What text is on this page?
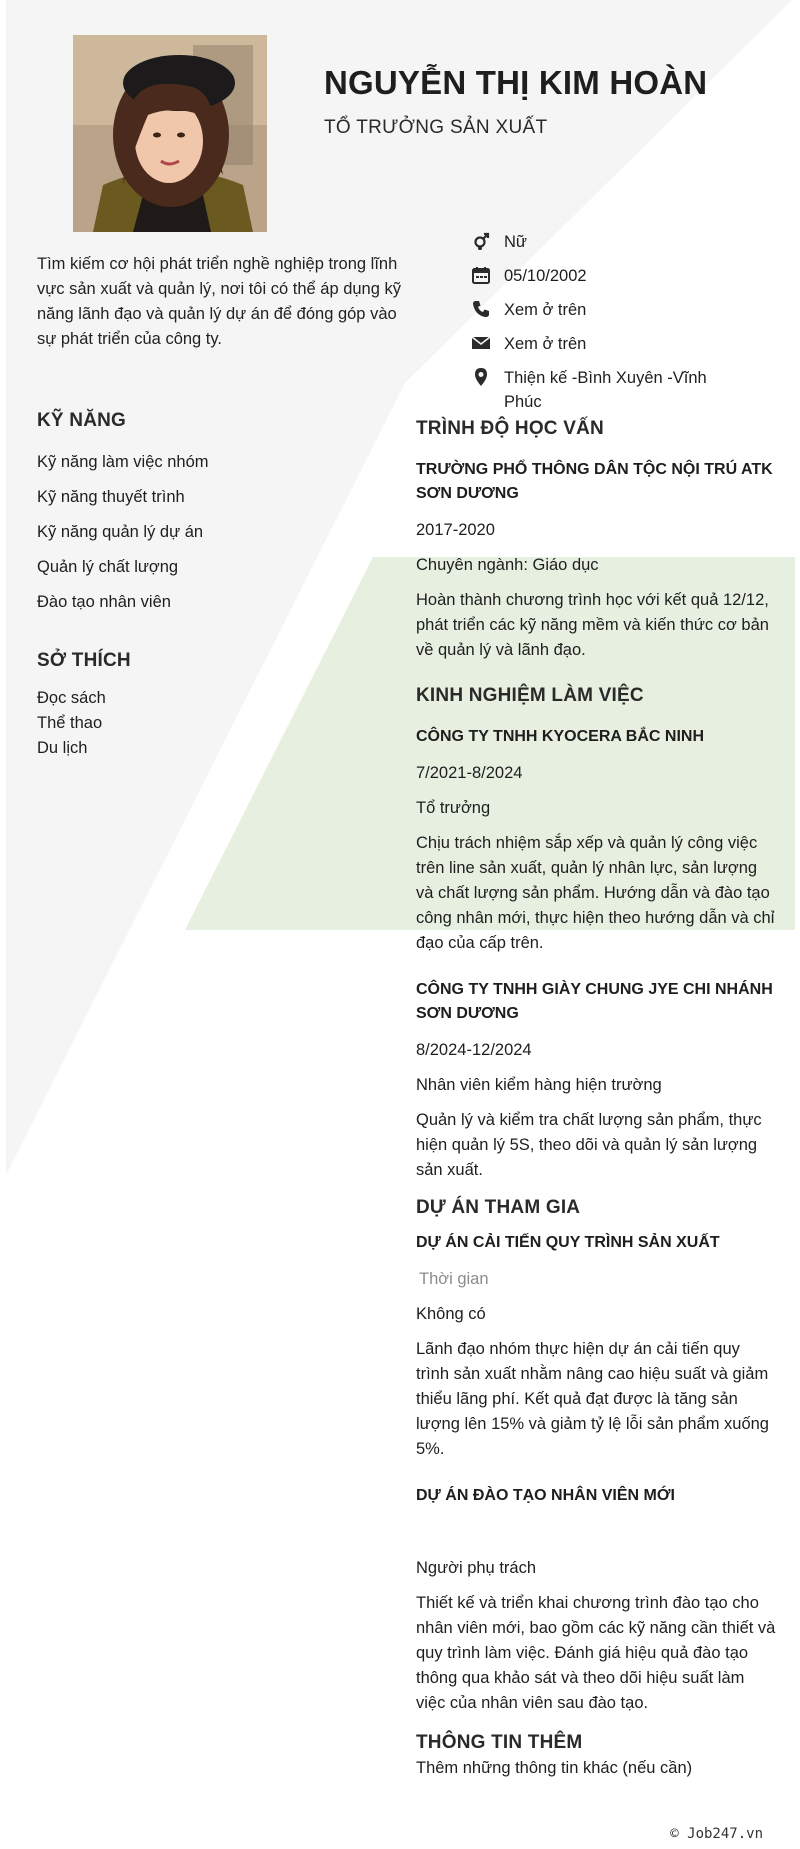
NGUYỄN THỊ KIM HOÀN
TỔ TRƯỞNG SẢN XUẤT
Tìm kiếm cơ hội phát triển nghề nghiệp trong lĩnh vực sản xuất và quản lý, nơi tôi có thể áp dụng kỹ năng lãnh đạo và quản lý dự án để đóng góp vào sự phát triển của công ty.
Nữ
05/10/2002
Xem ở trên
Xem ở trên
Thiện kế -Bình Xuyên -Vĩnh Phúc
KỸ NĂNG
Kỹ năng làm việc nhóm
Kỹ năng thuyết trình
Kỹ năng quản lý dự án
Quản lý chất lượng
Đào tạo nhân viên
SỞ THÍCH
Đọc sách
Thể thao
Du lịch
TRÌNH ĐỘ HỌC VẤN
TRƯỜNG PHỔ THÔNG DÂN TỘC NỘI TRÚ ATK SƠN DƯƠNG
2017-2020
Chuyên ngành: Giáo dục
Hoàn thành chương trình học với kết quả 12/12, phát triển các kỹ năng mềm và kiến thức cơ bản về quản lý và lãnh đạo.
KINH NGHIỆM LÀM VIỆC
CÔNG TY TNHH KYOCERA BẮC NINH
7/2021-8/2024
Tổ trưởng
Chịu trách nhiệm sắp xếp và quản lý công việc trên line sản xuất, quản lý nhân lực, sản lượng và chất lượng sản phẩm. Hướng dẫn và đào tạo công nhân mới, thực hiện theo hướng dẫn và chỉ đạo của cấp trên.
CÔNG TY TNHH GIÀY CHUNG JYE CHI NHÁNH SƠN DƯƠNG
8/2024-12/2024
Nhân viên kiểm hàng hiện trường
Quản lý và kiểm tra chất lượng sản phẩm, thực hiện quản lý 5S, theo dõi và quản lý sản lượng sản xuất.
DỰ ÁN THAM GIA
DỰ ÁN CẢI TIẾN QUY TRÌNH SẢN XUẤT
Thời gian
Không có
Lãnh đạo nhóm thực hiện dự án cải tiến quy trình sản xuất nhằm nâng cao hiệu suất và giảm thiểu lãng phí. Kết quả đạt được là tăng sản lượng lên 15% và giảm tỷ lệ lỗi sản phẩm xuống 5%.
DỰ ÁN ĐÀO TẠO NHÂN VIÊN MỚI
Người phụ trách
Thiết kế và triển khai chương trình đào tạo cho nhân viên mới, bao gồm các kỹ năng cần thiết và quy trình làm việc. Đánh giá hiệu quả đào tạo thông qua khảo sát và theo dõi hiệu suất làm việc của nhân viên sau đào tạo.
THÔNG TIN THÊM
Thêm những thông tin khác (nếu cần)
© Job247.vn
